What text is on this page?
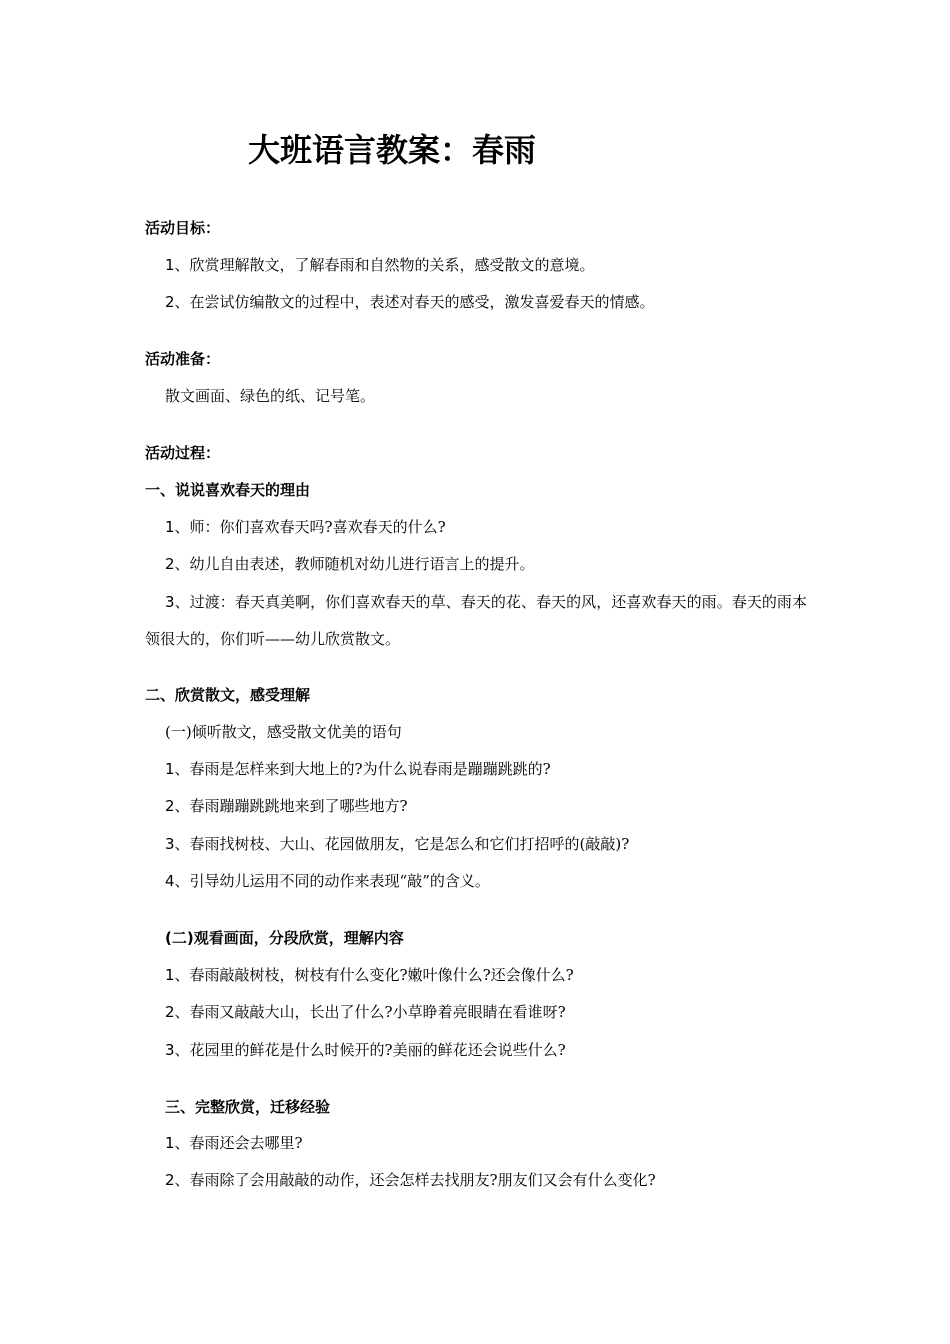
大班语言教案：春雨
活动目标：
1、欣赏理解散文，了解春雨和自然物的关系，感受散文的意境。
2、在尝试仿编散文的过程中，表述对春天的感受，激发喜爱春天的情感。
活动准备：
散文画面、绿色的纸、记号笔。
活动过程：
一、说说喜欢春天的理由
1、师：你们喜欢春天吗?喜欢春天的什么?
2、幼儿自由表述，教师随机对幼儿进行语言上的提升。
3、过渡：春天真美啊，你们喜欢春天的草、春天的花、春天的风，还喜欢春天的雨。春天的雨本
领很大的，你们听——幼儿欣赏散文。
二、欣赏散文，感受理解
(一)倾听散文，感受散文优美的语句
1、春雨是怎样来到大地上的?为什么说春雨是蹦蹦跳跳的?
2、春雨蹦蹦跳跳地来到了哪些地方?
3、春雨找树枝、大山、花园做朋友，它是怎么和它们打招呼的(敲敲)?
4、引导幼儿运用不同的动作来表现“敲”的含义。
(二)观看画面，分段欣赏，理解内容
1、春雨敲敲树枝，树枝有什么变化?嫩叶像什么?还会像什么?
2、春雨又敲敲大山，长出了什么?小草睁着亮眼睛在看谁呀?
3、花园里的鲜花是什么时候开的?美丽的鲜花还会说些什么?
三、完整欣赏，迁移经验
1、春雨还会去哪里?
2、春雨除了会用敲敲的动作，还会怎样去找朋友?朋友们又会有什么变化?
